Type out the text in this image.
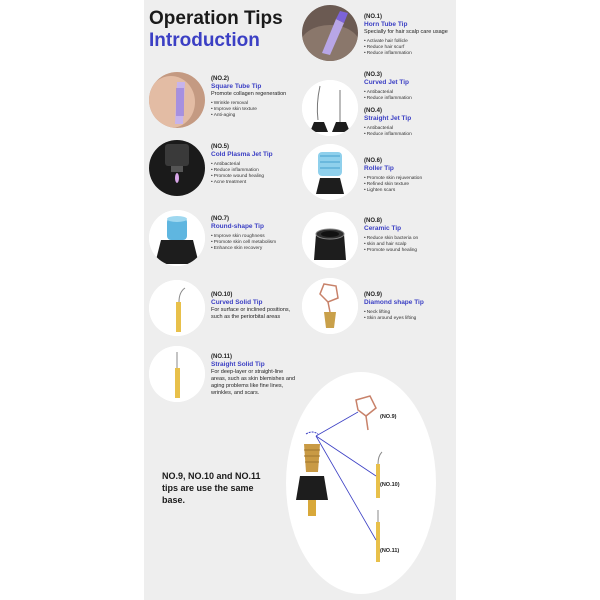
Operation Tips
Introduction
(NO.1)
Horn Tube Tip
Specially for hair scalp care usage
• Activate hair follicle
• Reduce hair scurf
• Reduce inflammation
(NO.2)
Square Tube Tip
Promote collagen regeneration
• Wrinkle removal
• Improve skin texture
• Anti-aging
(NO.3)
Curved Jet Tip
• Antibacterial
• Reduce inflammation
(NO.4)
Straight Jet Tip
• Antibacterial
• Reduce inflammation
(NO.5)
Cold Plasma Jet Tip
• Antibacterial
• Reduce inflammation
• Promote wound healing
• Acne treatment
(NO.6)
Roller Tip
• Promote skin rejuvenation
• Refined skin texture
• Lighten scars
(NO.7)
Round-shape Tip
• Improve skin roughness
• Promote skin cell metabolism
• Enhance skin recovery
(NO.8)
Ceramic Tip
• Reduce skin bacteria on
• skin and hair scalp
• Promote wound healing
(NO.10)
Curved Solid Tip
For surface or inclined positions, such as the periorbital areas
(NO.9)
Diamond shape Tip
• Neck lifting
• Skin around eyes lifting
(NO.11)
Straight Solid Tip
For deep-layer or straight-line areas, such as skin blemishes and aging problems like fine lines, wrinkles, and scars.
(NO.9)
(NO.10)
(NO.11)
NO.9, NO.10 and NO.11 tips are use the same base.
